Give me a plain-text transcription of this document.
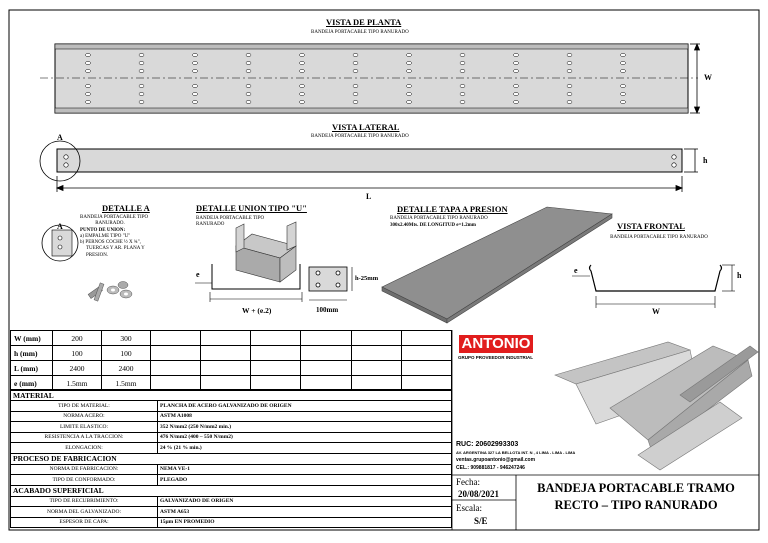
VISTA DE PLANTA
BANDEJA PORTACABLE TIPO RANURADO
W
VISTA LATERAL
BANDEJA PORTACABLE TIPO RANURADO
A
h
L
DETALLE A
A
BANDEJA PORTACABLE TIPO
RANURADO.
PUNTO DE UNION:
a) EMPALME TIPO "U"
b) PERNOS COCHE ½ X ¾",
TUERCAS Y AR. PLANA Y
PRESION.
DETALLE UNION TIPO "U"
BANDEJA PORTACABLE TIPO RANURADO
e	h-25mm
W + (e.2)	100mm
DETALLE TAPA A PRESION
BANDEJA PORTACABLE TIPO RANURADO
300x2.40Mts. DE LONGITUD e=1.2mm	VISTA FRONTAL
BANDEJA PORTACABLE TIPO RANURADO
e
h
W
W (mm)	200	300						
h (mm)	100	100						
L (mm)	2400	2400						
e (mm)	1.5mm	1.5mm						
MATERIAL	
TIPO DE MATERIAL:	PLANCHA DE ACERO GALVANIZADO DE ORIGEN
NORMA ACERO:	ASTM A1008
LIMITE ELASTICO:	352 N/mm2 (250 N/mm2 min.)
RESISTENCIA A LA TRACCION:	476 N/mm2 (400 – 550 N/mm2)
ELONGACION:	24 % (21 % min.)
PROCESO DE FABRICACION	
NORMA DE FABRICACION:	NEMA VE-1
TIPO DE CONFORMADO:	PLEGADO
ACABADO SUPERFICIAL	
TIPO DE RECUBRIMIENTO:	GALVANIZADO DE ORIGEN
NORMA DEL GALVANIZADO:	ASTM A653
ESPESOR DE CAPA:	15µm EN PROMEDIO
ANTONIO
GRUPO PROVEEDOR INDUSTRIAL
RUC: 20602993303
AV. ARGENTINA 327 LA BELLOTA INT. N , 4 LIMA - LIMA - LIMA
ventas.grupoantonio@gmail.com
CEL.: 909881817 - 946247246
Fecha:
20/08/2021
Escala:
S/E
BANDEJA PORTACABLE TRAMO
RECTO – TIPO RANURADO
